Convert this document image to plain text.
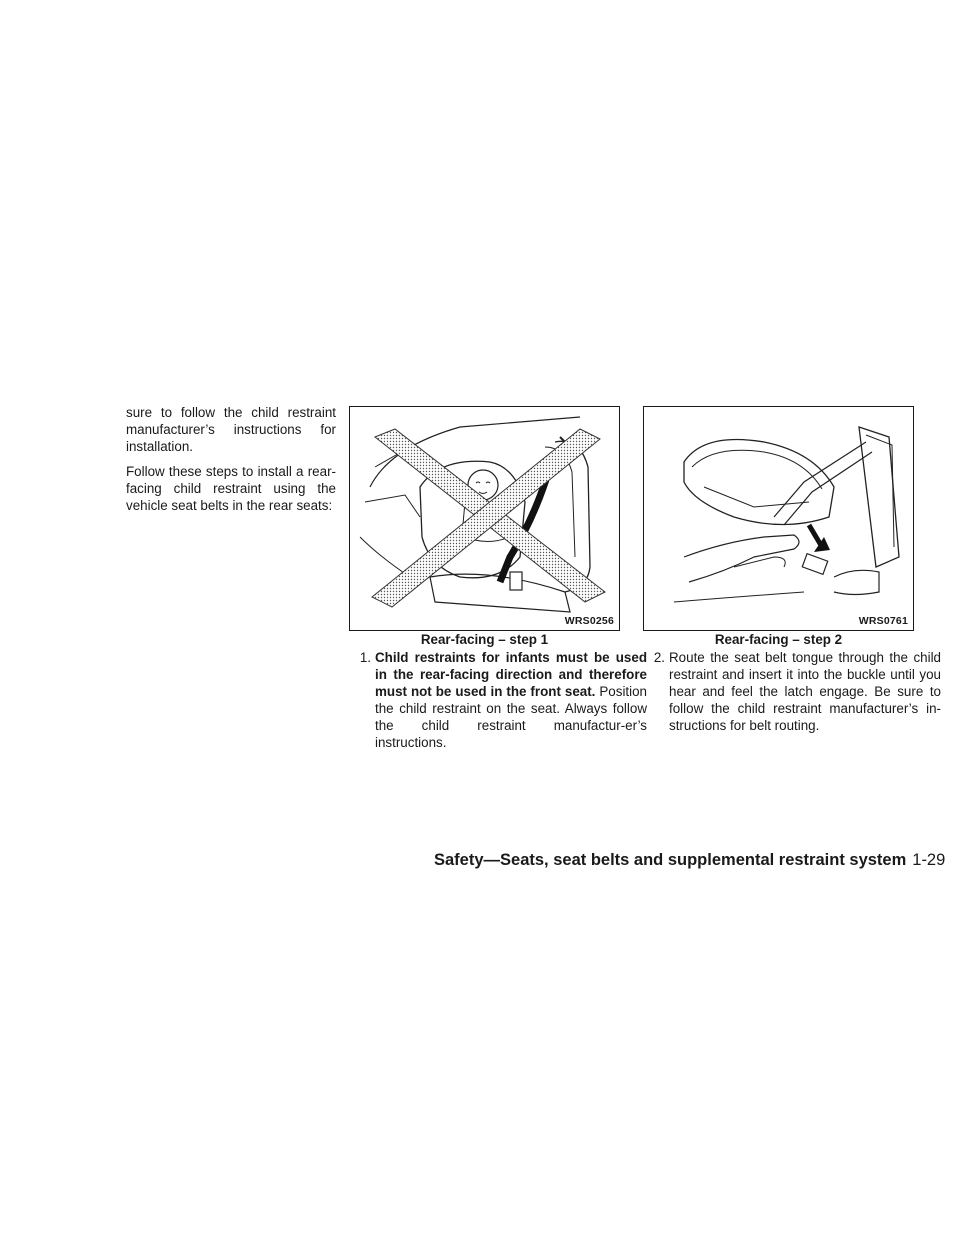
sure to follow the child restraint manufacturer’s instructions for installation.

Follow these steps to install a rear-facing child restraint using the vehicle seat belts in the rear seats:

WRS0256
Rear-facing – step 1
WRS0761
Rear-facing – step 2
1. Child restraints for infants must be used in the rear-facing direction and therefore must not be used in the front seat. Position the child restraint on the seat. Always follow the child restraint manufactur-er’s instructions.
2. Route the seat belt tongue through the child restraint and insert it into the buckle until you hear and feel the latch engage. Be sure to follow the child restraint manufacturer’s in-structions for belt routing.
Safety—Seats, seat belts and supplemental restraint system 1-29
